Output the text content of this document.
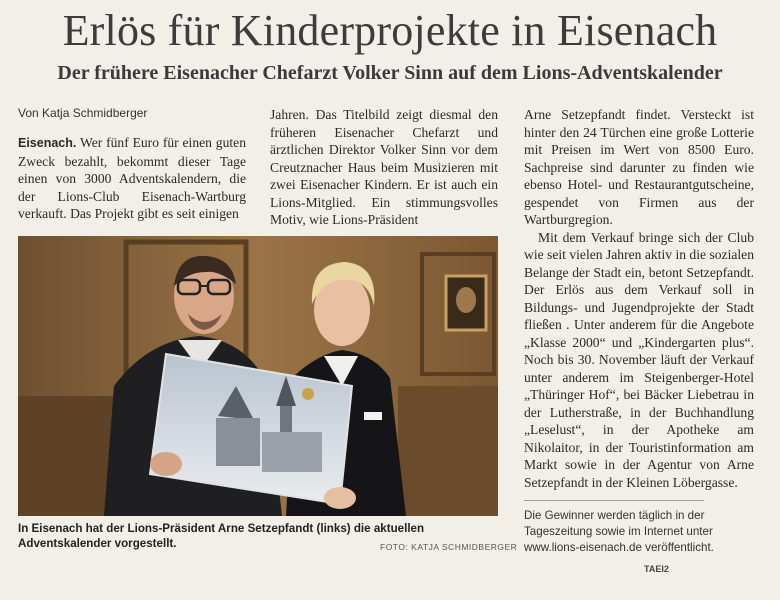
Erlös für Kinderprojekte in Eisenach
Der frühere Eisenacher Chefarzt Volker Sinn auf dem Lions-Adventskalender
Von Katja Schmidberger

Eisenach. Wer fünf Euro für einen guten Zweck bezahlt, bekommt dieser Tage einen von 3000 Adventskalendern, die der Lions-Club Eisenach-Wartburg verkauft. Das Projekt gibt es seit einigen

Jahren. Das Titelbild zeigt diesmal den früheren Eisenacher Chefarzt und ärztlichen Direktor Volker Sinn vor dem Creutznacher Haus beim Musizieren mit zwei Eisenacher Kindern. Er ist auch ein Lions-Mitglied. Ein stimmungsvolles Motiv, wie Lions-Präsident

Arne Setzepfandt findet. Versteckt ist hinter den 24 Türchen eine große Lotterie mit Preisen im Wert von 8500 Euro. Sachpreise sind darunter zu finden wie ebenso Hotel- und Restaurantgutscheine, gespendet von Firmen aus der Wartburgregion.

Mit dem Verkauf bringe sich der Club wie seit vielen Jahren aktiv in die sozialen Belange der Stadt ein, betont Setzepfandt. Der Erlös aus dem Verkauf soll in Bildungs- und Jugendprojekte der Stadt fließen . Unter anderem für die Angebote „Klasse 2000“ und „Kindergarten plus“. Noch bis 30. November läuft der Verkauf unter anderem im Steigenberger-Hotel „Thüringer Hof“, bei Bäcker Liebetrau in der Lutherstraße, in der Buchhandlung „Leselust“, in der Apotheke am Nikolaitor, in der Touristinformation am Markt sowie in der Agentur von Arne Setzepfandt in der Kleinen Löbergasse.

In Eisenach hat der Lions-Präsident Arne Setzepfandt (links) die aktuellen Adventskalender vorgestellt.	FOTO: KATJA SCHMIDBERGER
Die Gewinner werden täglich in der Tageszeitung sowie im Internet unter www.lions-eisenach.de veröffentlicht.
TAEI2
